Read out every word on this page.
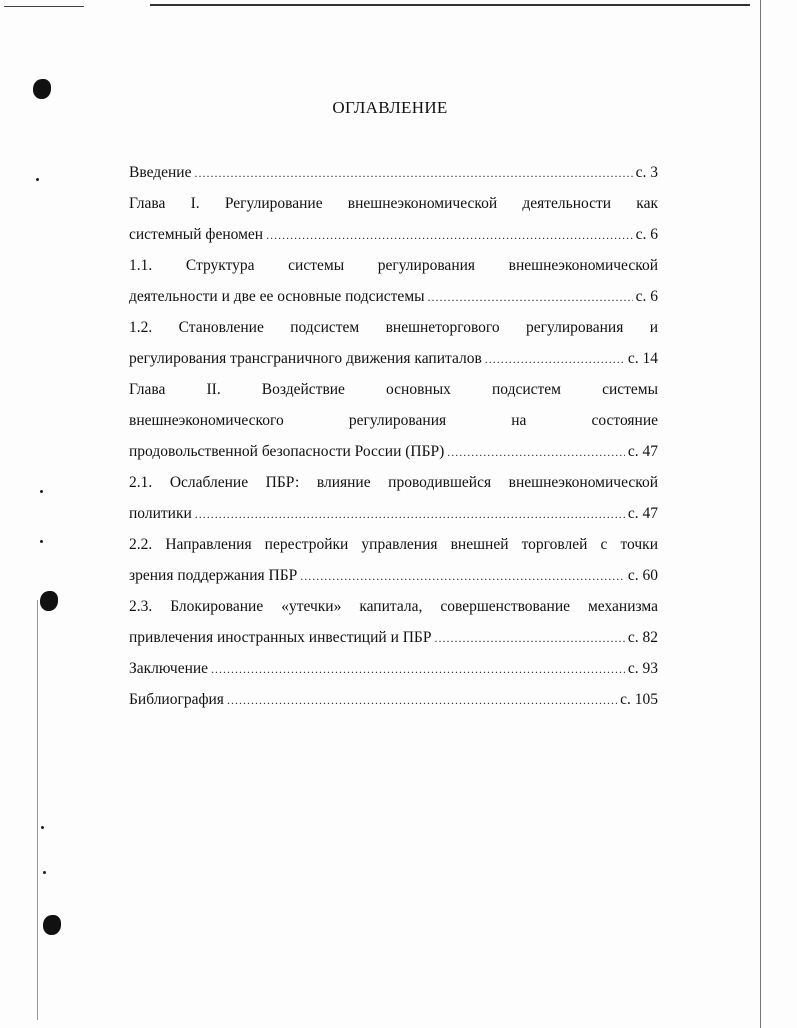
ОГЛАВЛЕНИЕ
Введение .....	с. 3
Глава I. Регулирование внешнеэкономической деятельности как
системный феномен .....	с. 6
1.1. Структура системы регулирования внешнеэкономической
деятельности и две ее основные подсистемы .....	с. 6
1.2. Становление подсистем внешнеторгового регулирования и
регулирования трансграничного движения капиталов .....	с. 14
Глава II. Воздействие основных подсистем системы
внешнеэкономического регулирования на состояние
продовольственной безопасности России (ПБР) .....	с. 47
2.1. Ослабление ПБР: влияние проводившейся внешнеэкономической
политики .....	с. 47
2.2. Направления перестройки управления внешней торговлей с точки
зрения поддержания ПБР .....	с. 60
2.3. Блокирование «утечки» капитала, совершенствование механизма
привлечения иностранных инвестиций и ПБР .....	с. 82
Заключение .....	с. 93
Библиография .....	с. 105
